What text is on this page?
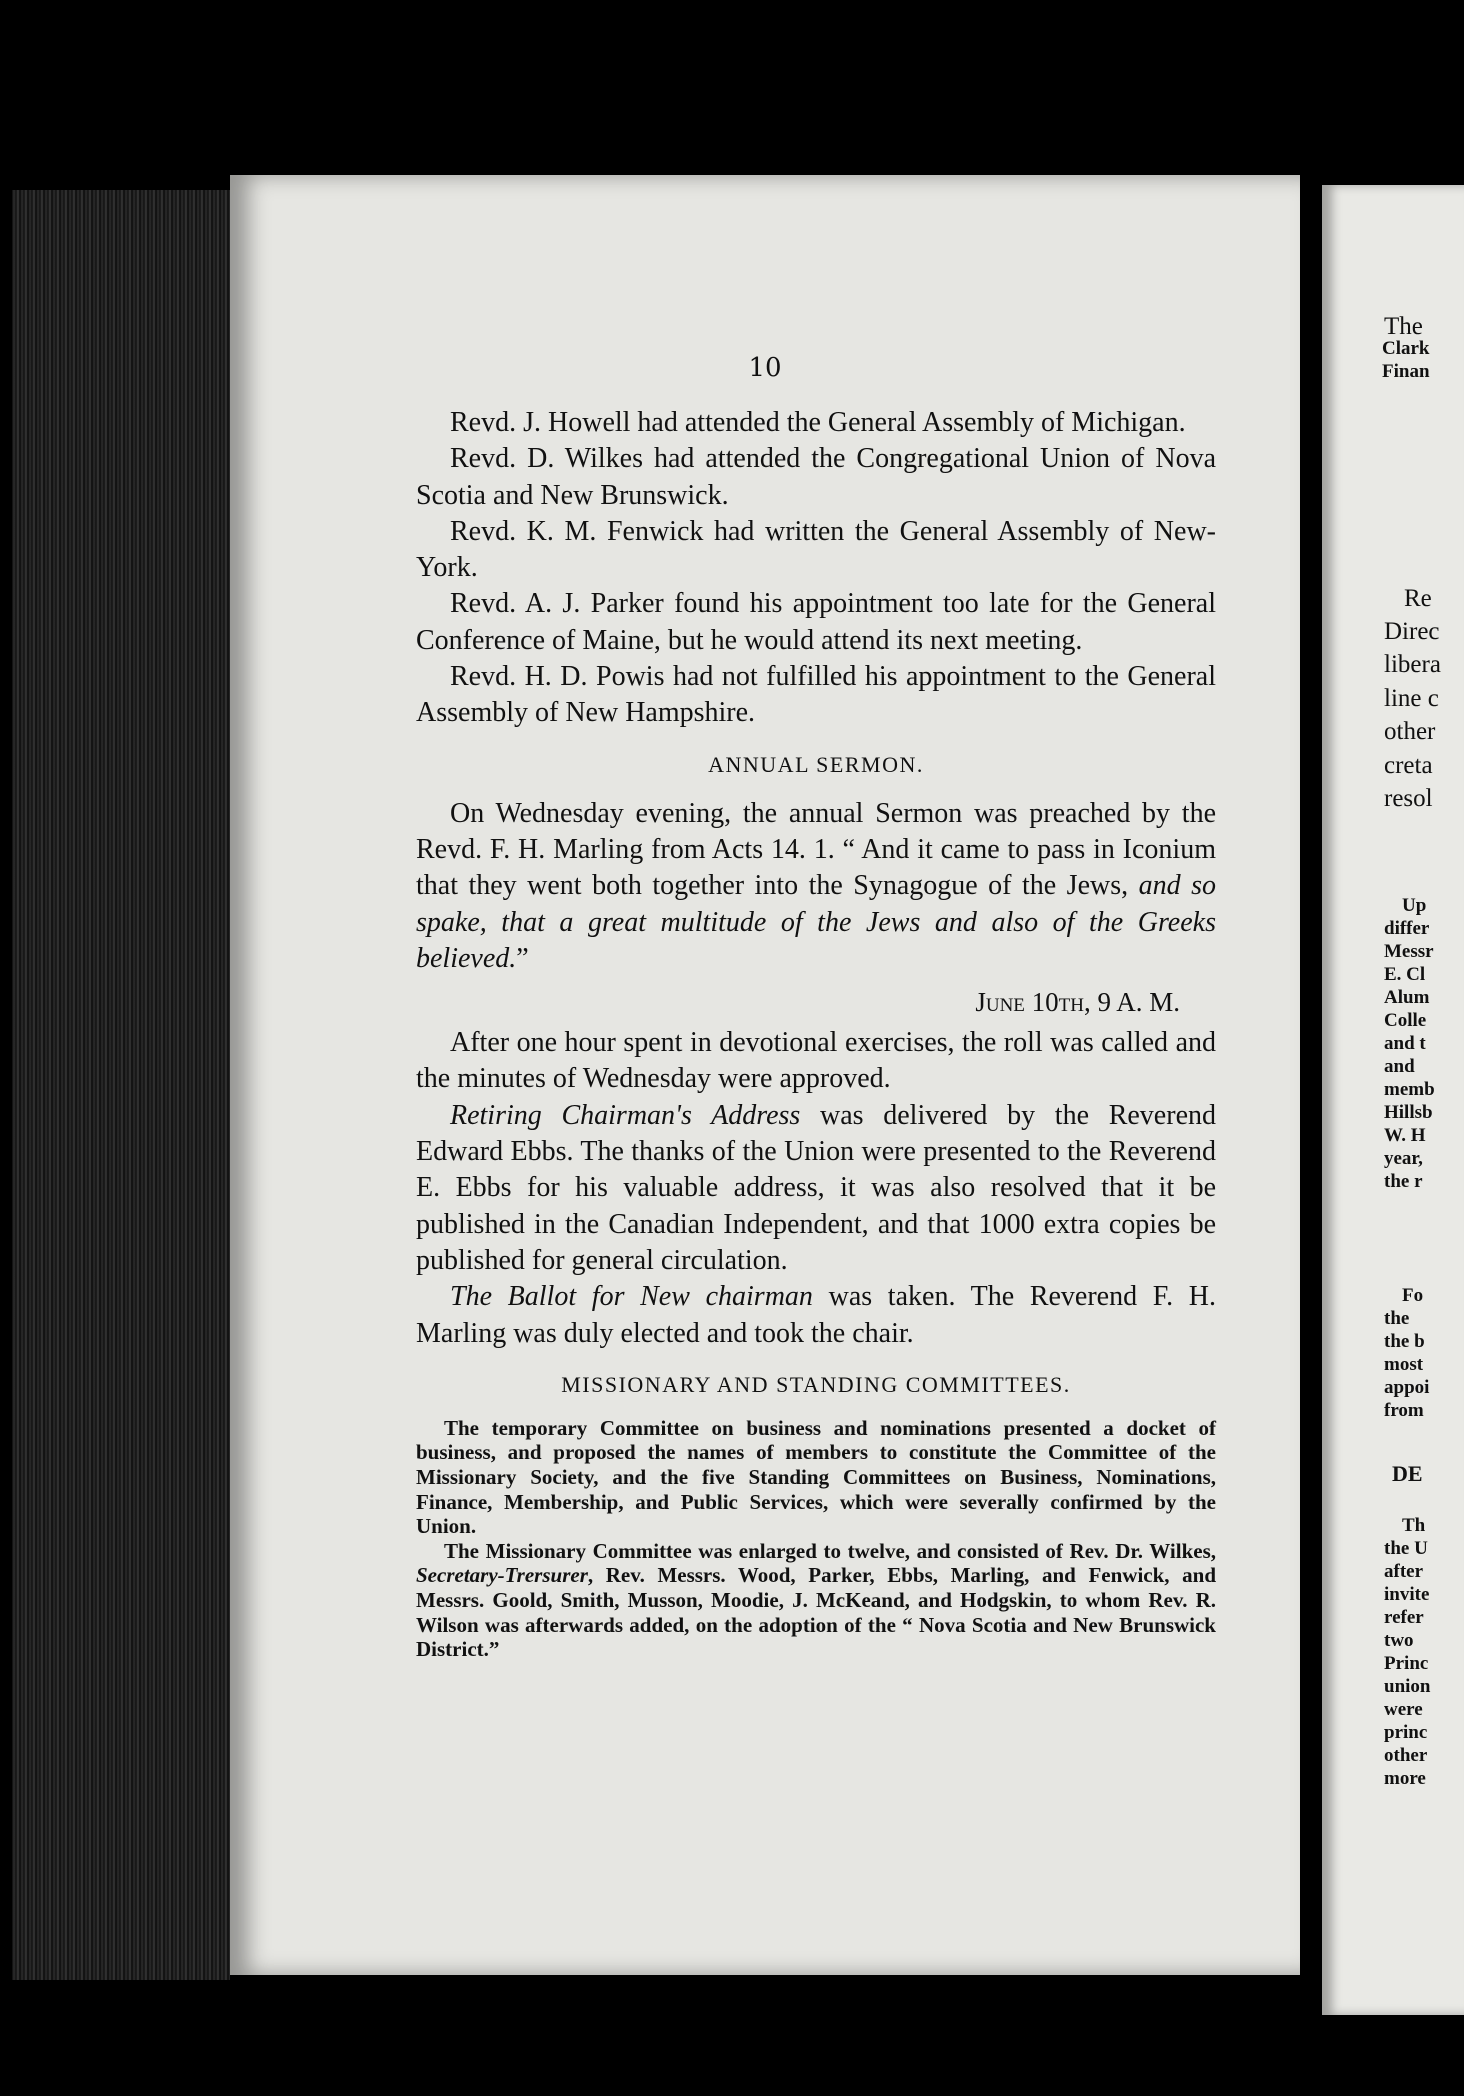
10

Revd. J. Howell had attended the General Assembly of Michigan.

Revd. D. Wilkes had attended the Congregational Union of Nova Scotia and New Brunswick.

Revd. K. M. Fenwick had written the General Assembly of New-York.

Revd. A. J. Parker found his appointment too late for the General Conference of Maine, but he would attend its next meeting.

Revd. H. D. Powis had not fulfilled his appointment to the General Assembly of New Hampshire.

ANNUAL SERMON.

On Wednesday evening, the annual Sermon was preached by the Revd. F. H. Marling from Acts 14. 1. “ And it came to pass in Iconium that they went both together into the Synagogue of the Jews, and so spake, that a great multitude of the Jews and also of the Greeks believed.”

June 10th, 9 A. M.

After one hour spent in devotional exercises, the roll was called and the minutes of Wednesday were approved.

Retiring Chairman's Address was delivered by the Reverend Edward Ebbs. The thanks of the Union were presented to the Reverend E. Ebbs for his valuable address, it was also resolved that it be published in the Canadian Independent, and that 1000 extra copies be published for general circulation.

The Ballot for New chairman was taken. The Reverend F. H. Marling was duly elected and took the chair.

MISSIONARY AND STANDING COMMITTEES.

The temporary Committee on business and nominations presented a docket of business, and proposed the names of members to constitute the Committee of the Missionary Society, and the five Standing Committees on Business, Nominations, Finance, Membership, and Public Services, which were severally confirmed by the Union.

The Missionary Committee was enlarged to twelve, and consisted of Rev. Dr. Wilkes, Secretary-Trersurer, Rev. Messrs. Wood, Parker, Ebbs, Marling, and Fenwick, and Messrs. Goold, Smith, Musson, Moodie, J. McKeand, and Hodgskin, to whom Rev. R. Wilson was afterwards added, on the adoption of the “ Nova Scotia and New Brunswick District.”

The
Clark
Finan
Re
Direc
libera
line c
other
creta
resol
Up
differ
Messr
E. Cl
Alum
Colle
and t
and
memb
Hillsb
W. H
year,
the r
Fo
the
the b
most
appoi
from
DE
Th
the U
after
invite
refer
two
Princ
union
were
princ
other
more
